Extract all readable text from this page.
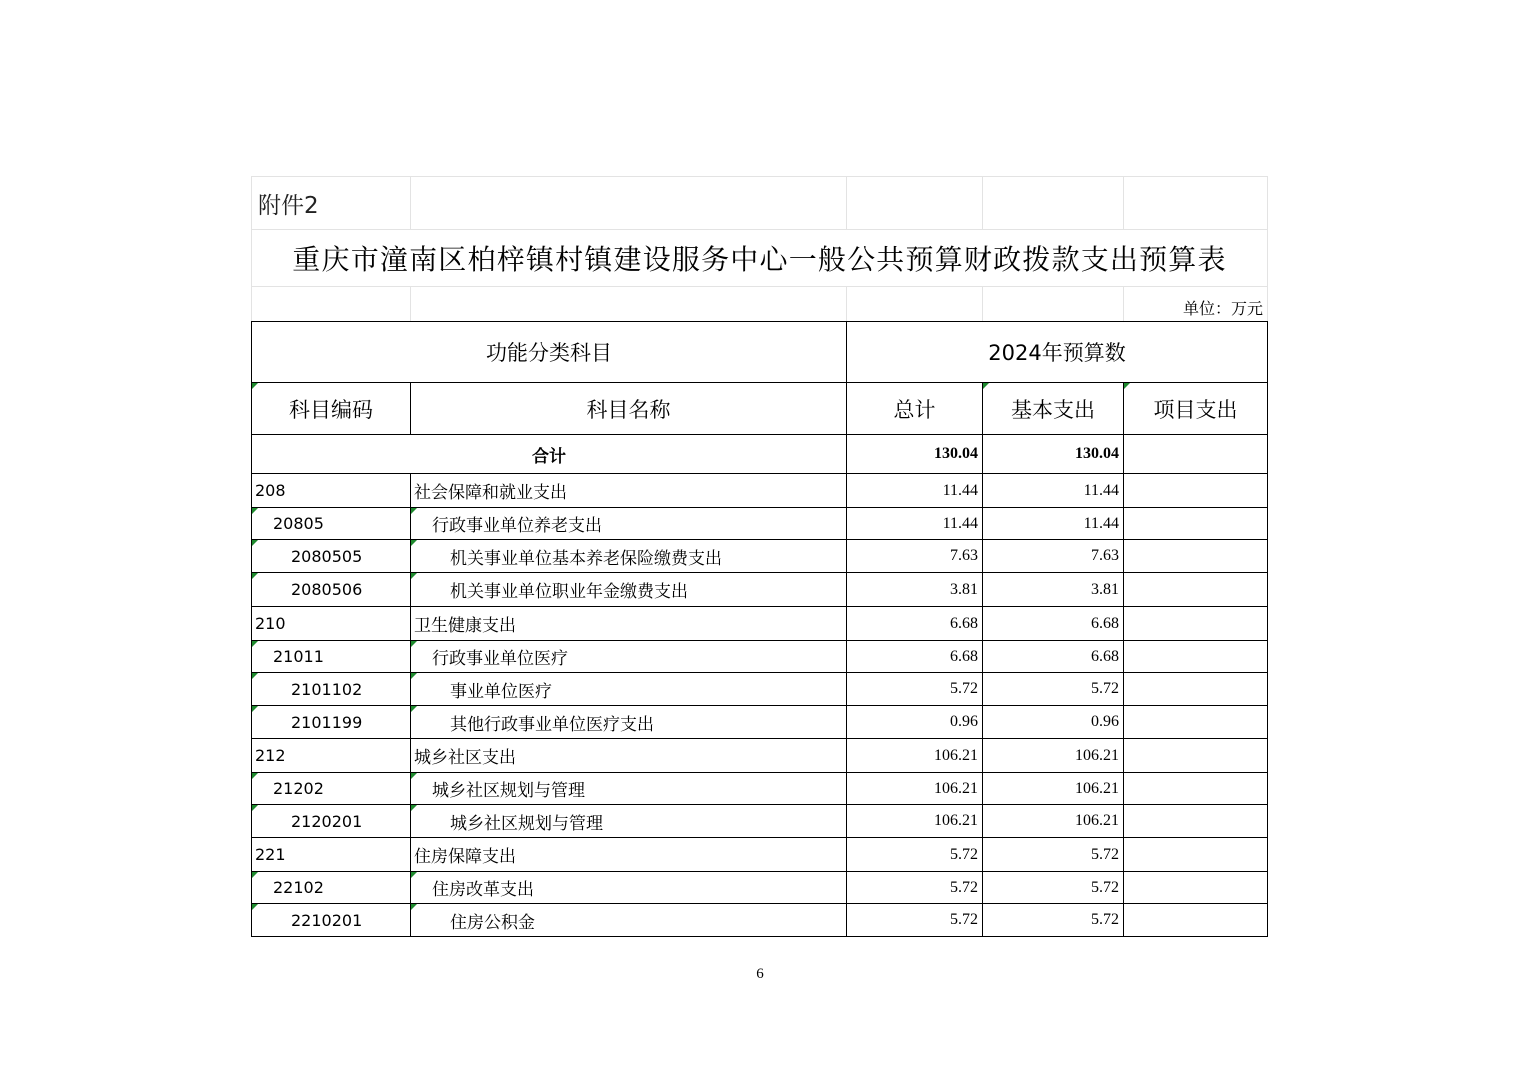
附件2				
重庆市潼南区柏梓镇村镇建设服务中心一般公共预算财政拨款支出预算表				
				单位：万元
功能分类科目		2024年预算数		
科目编码	科目名称	总计	基本支出	项目支出
合计		130.04	130.04	
208	社会保障和就业支出	11.44	11.44	
20805	行政事业单位养老支出	11.44	11.44	
2080505	机关事业单位基本养老保险缴费支出	7.63	7.63	
2080506	机关事业单位职业年金缴费支出	3.81	3.81	
210	卫生健康支出	6.68	6.68	
21011	行政事业单位医疗	6.68	6.68	
2101102	事业单位医疗	5.72	5.72	
2101199	其他行政事业单位医疗支出	0.96	0.96	
212	城乡社区支出	106.21	106.21	
21202	城乡社区规划与管理	106.21	106.21	
2120201	城乡社区规划与管理	106.21	106.21	
221	住房保障支出	5.72	5.72	
22102	住房改革支出	5.72	5.72	
2210201	住房公积金	5.72	5.72	
6
